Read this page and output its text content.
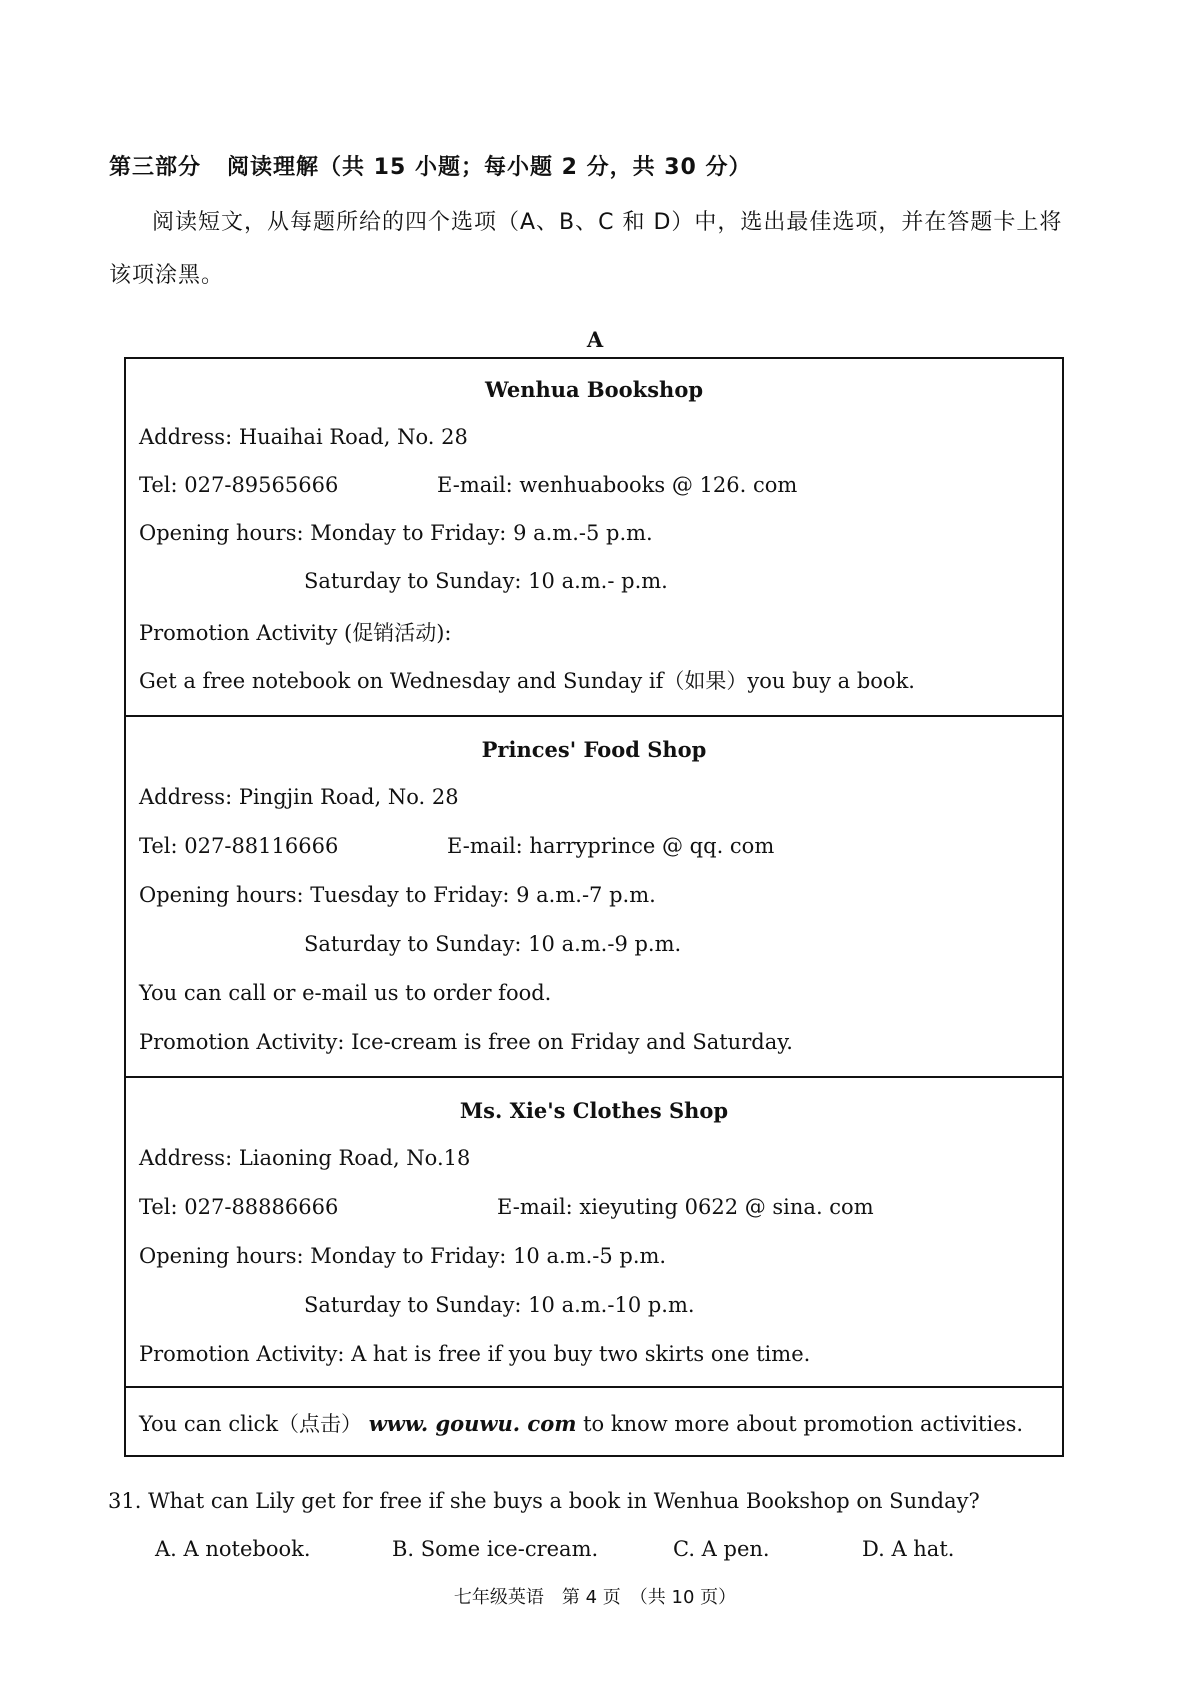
第三部分 阅读理解（共 15 小题；每小题 2 分，共 30 分）
阅读短文，从每题所给的四个选项（A、B、C 和 D）中，选出最佳选项，并在答题卡上将
该项涂黑。
A
Wenhua Bookshop
Address: Huaihai Road, No. 28
Tel: 027-89565666	E-mail: wenhuabooks @ 126. com
Opening hours: Monday to Friday: 9 a.m.-5 p.m.
Saturday to Sunday: 10 a.m.- p.m.
Promotion Activity (促销活动):
Get a free notebook on Wednesday and Sunday if（如果）you buy a book.
Princes' Food Shop
Address: Pingjin Road, No. 28
Tel: 027-88116666	E-mail: harryprince @ qq. com
Opening hours: Tuesday to Friday: 9 a.m.-7 p.m.
Saturday to Sunday: 10 a.m.-9 p.m.
You can call or e-mail us to order food.
Promotion Activity: Ice-cream is free on Friday and Saturday.
Ms. Xie's Clothes Shop
Address: Liaoning Road, No.18
Tel: 027-88886666	E-mail: xieyuting 0622 @ sina. com
Opening hours: Monday to Friday: 10 a.m.-5 p.m.
Saturday to Sunday: 10 a.m.-10 p.m.
Promotion Activity: A hat is free if you buy two skirts one time.
You can click（点击） www. gouwu. com to know more about promotion activities.
31. What can Lily get for free if she buys a book in Wenhua Bookshop on Sunday?
A. A notebook.	B. Some ice-cream.	C. A pen.	D. A hat.
七年级英语　第 4 页　（共 10 页）
